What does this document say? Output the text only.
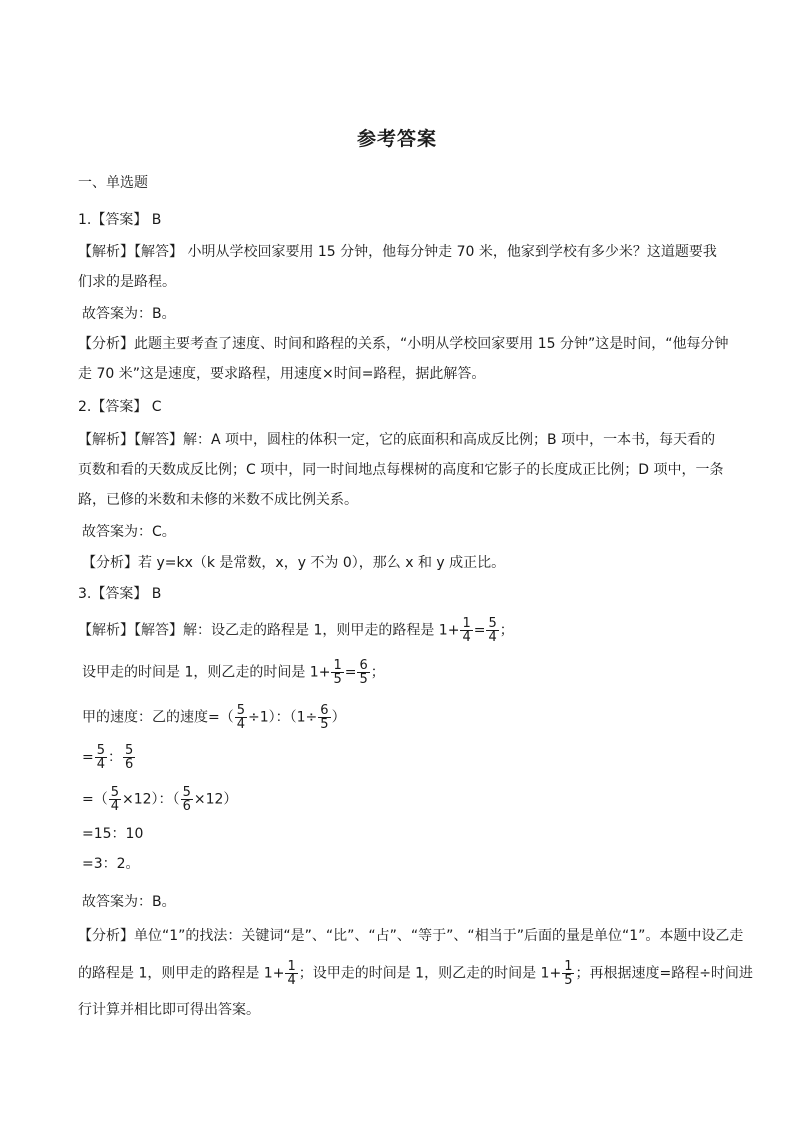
参考答案
一、单选题
1.【答案】 B
【解析】【解答】 小明从学校回家要用 15 分钟，他每分钟走 70 米，他家到学校有多少米？这道题要我
们求的是路程。
故答案为：B。
【分析】此题主要考查了速度、时间和路程的关系，“小明从学校回家要用 15 分钟”这是时间，“他每分钟
走 70 米”这是速度，要求路程，用速度×时间=路程，据此解答。
2.【答案】 C
【解析】【解答】解：A 项中，圆柱的体积一定，它的底面积和高成反比例；B 项中，一本书，每天看的
页数和看的天数成反比例；C 项中，同一时间地点每棵树的高度和它影子的长度成正比例；D 项中，一条
路，已修的米数和未修的米数不成比例关系。
故答案为：C。
【分析】若 y=kx（k 是常数，x，y 不为 0），那么 x 和 y 成正比。
3.【答案】 B
【解析】【解答】解：设乙走的路程是 1，则甲走的路程是 $1+ \frac{1}{4} = \frac{5}{4}$ ；
设甲走的时间是 1，则乙走的时间是 $1+ \frac{1}{5} = \frac{6}{5}$ ；
甲的速度：乙的速度=（ $\frac{5}{4} \div 1$）：（$1\div \frac{6}{5}$ ）
= $\frac{5}{4}$ ： $\frac{5}{6}$
=（ $\frac{5}{4} \times 12$）：（ $\frac{5}{6} \times 12$）
=15：10
=3：2。
故答案为：B。
【分析】单位“1”的找法：关键词“是”、“比”、“占”、“等于”、“相当于”后面的量是单位“1”。本题中设乙走
的路程是 1，则甲走的路程是 $1+ \frac{1}{4}$ ；设甲走的时间是 1，则乙走的时间是 $1+ \frac{1}{5}$ ；再根据速度=路程÷时间进
行计算并相比即可得出答案。
